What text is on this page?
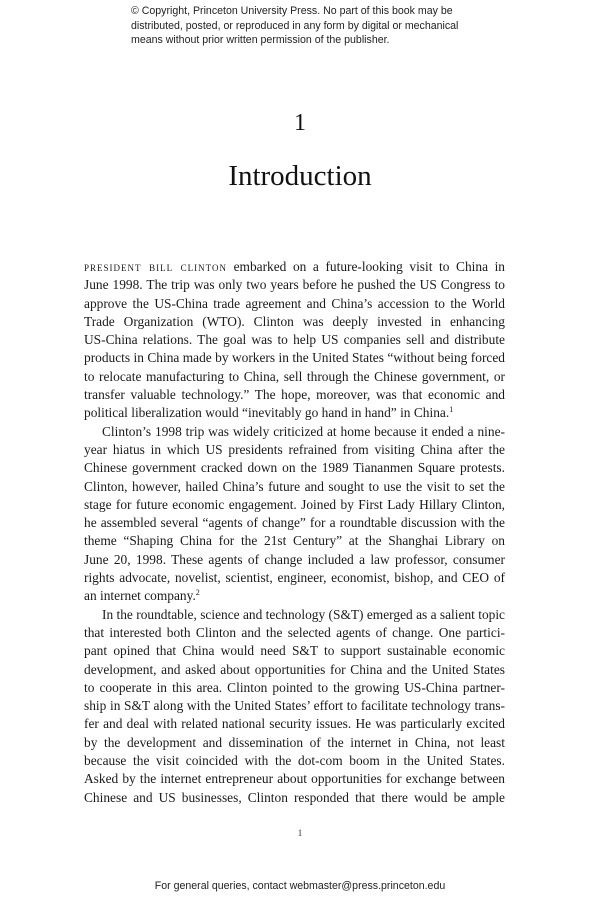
© Copyright, Princeton University Press. No part of this book may be
distributed, posted, or reproduced in any form by digital or mechanical
means without prior written permission of the publisher.
1
Introduction
president bill clinton embarked on a future-looking visit to China in
June 1998. The trip was only two years before he pushed the US Congress to
approve the US-China trade agreement and China’s accession to the World
Trade Organization (WTO). Clinton was deeply invested in enhancing
US-China relations. The goal was to help US companies sell and distribute
products in China made by workers in the United States “without being forced
to relocate manufacturing to China, sell through the Chinese government, or
transfer valuable technology.” The hope, moreover, was that economic and
political liberalization would “inevitably go hand in hand” in China.$^1$
Clinton’s 1998 trip was widely criticized at home because it ended a nine-
year hiatus in which US presidents refrained from visiting China after the
Chinese government cracked down on the 1989 Tiananmen Square protests.
Clinton, however, hailed China’s future and sought to use the visit to set the
stage for future economic engagement. Joined by First Lady Hillary Clinton,
he assembled several “agents of change” for a roundtable discussion with the
theme “Shaping China for the 21st Century” at the Shanghai Library on
June 20, 1998. These agents of change included a law professor, consumer
rights advocate, novelist, scientist, engineer, economist, bishop, and CEO of
an internet company.$^2$
In the roundtable, science and technology (S&T) emerged as a salient topic
that interested both Clinton and the selected agents of change. One partici-
pant opined that China would need S&T to support sustainable economic
development, and asked about opportunities for China and the United States
to cooperate in this area. Clinton pointed to the growing US-China partner-
ship in S&T along with the United States’ effort to facilitate technology trans-
fer and deal with related national security issues. He was particularly excited
by the development and dissemination of the internet in China, not least
because the visit coincided with the dot-com boom in the United States.
Asked by the internet entrepreneur about opportunities for exchange between
Chinese and US businesses, Clinton responded that there would be ample
1
For general queries, contact webmaster@press.princeton.edu
